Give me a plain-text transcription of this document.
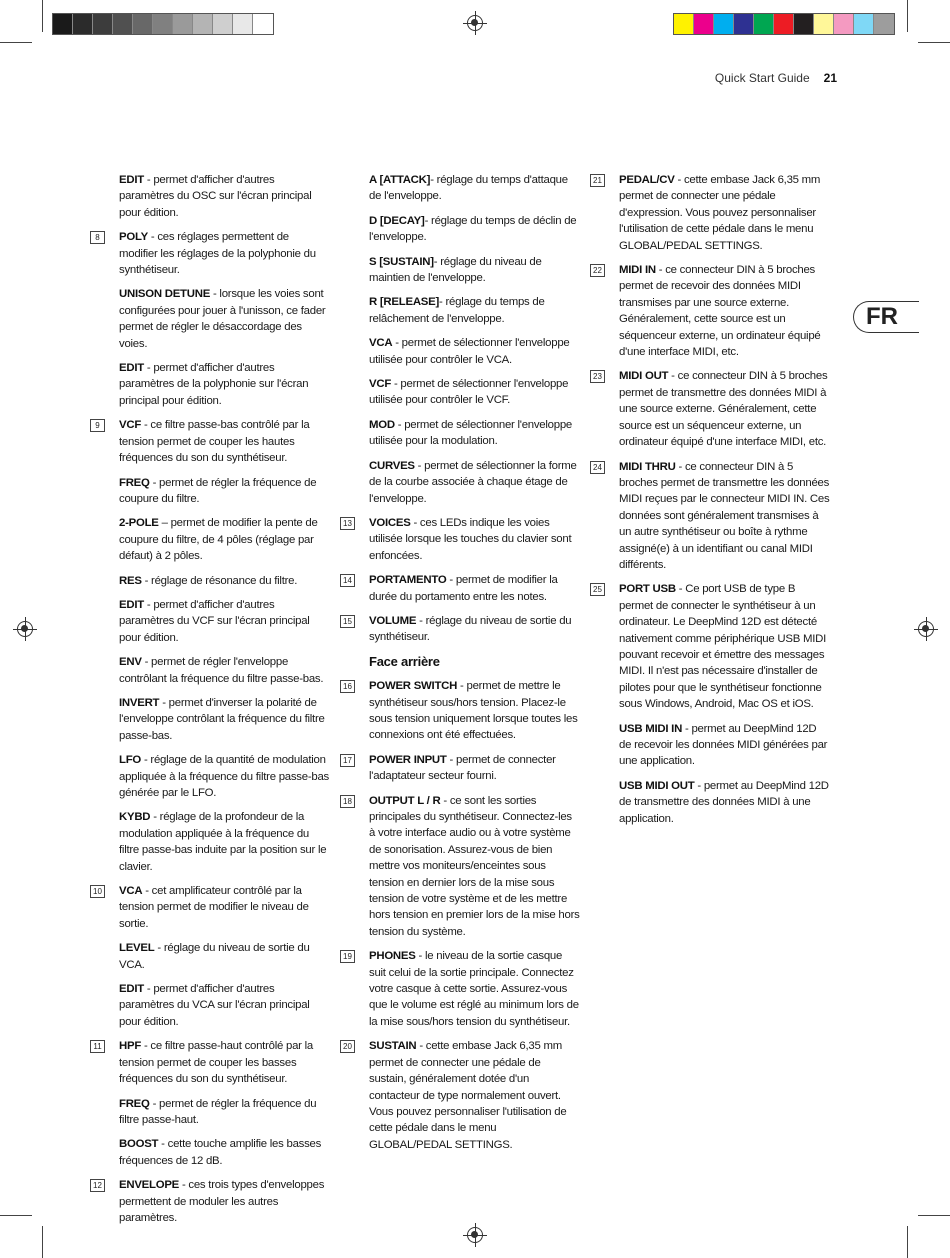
Quick Start Guide 21
FR
EDIT - permet d'afficher d'autres paramètres du OSC sur l'écran principal pour édition.
8	POLY - ces réglages permettent de modifier les réglages de la polyphonie du synthétiseur.
UNISON DETUNE - lorsque les voies sont configurées pour jouer à l'unisson, ce fader permet de régler le désaccordage des voies.
EDIT - permet d'afficher d'autres paramètres de la polyphonie sur l'écran principal pour édition.
9	VCF - ce filtre passe-bas contrôlé par la tension permet de couper les hautes fréquences du son du synthétiseur.
FREQ - permet de régler la fréquence de coupure du filtre.
2-POLE – permet de modifier la pente de coupure du filtre, de 4 pôles (réglage par défaut) à 2 pôles.
RES - réglage de résonance du filtre.
EDIT - permet d'afficher d'autres paramètres du VCF sur l'écran principal pour édition.
ENV - permet de régler l'enveloppe contrôlant la fréquence du filtre passe-bas.
INVERT - permet d'inverser la polarité de l'enveloppe contrôlant la fréquence du filtre passe-bas.
LFO - réglage de la quantité de modulation appliquée à la fréquence du filtre passe-bas générée par le LFO.
KYBD - réglage de la profondeur de la modulation appliquée à la fréquence du filtre passe-bas induite par la position sur le clavier.
10 VCA - cet amplificateur contrôlé par la tension permet de modifier le niveau de sortie.
LEVEL - réglage du niveau de sortie du VCA.
EDIT - permet d'afficher d'autres paramètres du VCA sur l'écran principal pour édition.
11 HPF - ce filtre passe-haut contrôlé par la tension permet de couper les basses fréquences du son du synthétiseur.
FREQ - permet de régler la fréquence du filtre passe-haut.
BOOST - cette touche amplifie les basses fréquences de 12 dB.
12 ENVELOPE - ces trois types d'enveloppes permettent de moduler les autres paramètres.
A [ATTACK]- réglage du temps d'attaque de l'enveloppe.
D [DECAY]- réglage du temps de déclin de l'enveloppe.
S [SUSTAIN]- réglage du niveau de maintien de l'enveloppe.
R [RELEASE]- réglage du temps de relâchement de l'enveloppe.
VCA - permet de sélectionner l'enveloppe utilisée pour contrôler le VCA.
VCF - permet de sélectionner l'enveloppe utilisée pour contrôler le VCF.
MOD - permet de sélectionner l'enveloppe utilisée pour la modulation.
CURVES - permet de sélectionner la forme de la courbe associée à chaque étage de l'enveloppe.
13 VOICES - ces LEDs indique les voies utilisée lorsque les touches du clavier sont enfoncées.
14 PORTAMENTO - permet de modifier la durée du portamento entre les notes.
15 VOLUME - réglage du niveau de sortie du synthétiseur.
Face arrière
16 POWER SWITCH - permet de mettre le synthétiseur sous/hors tension. Placez-le sous tension uniquement lorsque toutes les connexions ont été effectuées.
17 POWER INPUT - permet de connecter l'adaptateur secteur fourni.
18 OUTPUT L / R - ce sont les sorties principales du synthétiseur. Connectez-les à votre interface audio ou à votre système de sonorisation. Assurez-vous de bien mettre vos moniteurs/enceintes sous tension en dernier lors de la mise sous tension de votre système et de les mettre hors tension en premier lors de la mise hors tension du système.
19 PHONES - le niveau de la sortie casque suit celui de la sortie principale. Connectez votre casque à cette sortie. Assurez-vous que le volume est réglé au minimum lors de la mise sous/hors tension du synthétiseur.
20 SUSTAIN - cette embase Jack 6,35 mm permet de connecter une pédale de sustain, généralement dotée d'un contacteur de type normalement ouvert. Vous pouvez personnaliser l'utilisation de cette pédale dans le menu GLOBAL/PEDAL SETTINGS.
21 PEDAL/CV - cette embase Jack 6,35 mm permet de connecter une pédale d'expression. Vous pouvez personnaliser l'utilisation de cette pédale dans le menu GLOBAL/PEDAL SETTINGS.
22 MIDI IN - ce connecteur DIN à 5 broches permet de recevoir des données MIDI transmises par une source externe. Généralement, cette source est un séquenceur externe, un ordinateur équipé d'une interface MIDI, etc.
23 MIDI OUT - ce connecteur DIN à 5 broches permet de transmettre des données MIDI à une source externe. Généralement, cette source est un séquenceur externe, un ordinateur équipé d'une interface MIDI, etc.
24 MIDI THRU - ce connecteur DIN à 5 broches permet de transmettre les données MIDI reçues par le connecteur MIDI IN. Ces données sont généralement transmises à un autre synthétiseur ou boîte à rythme assigné(e) à un identifiant ou canal MIDI différents.
25 PORT USB - Ce port USB de type B permet de connecter le synthétiseur à un ordinateur. Le DeepMind 12D est détecté nativement comme périphérique USB MIDI pouvant recevoir et émettre des messages MIDI. Il n'est pas nécessaire d'installer de pilotes pour que le synthétiseur fonctionne sous Windows, Android, Mac OS et iOS.
USB MIDI IN - permet au DeepMind 12D de recevoir les données MIDI générées par une application.
USB MIDI OUT - permet au DeepMind 12D de transmettre des données MIDI à une application.
